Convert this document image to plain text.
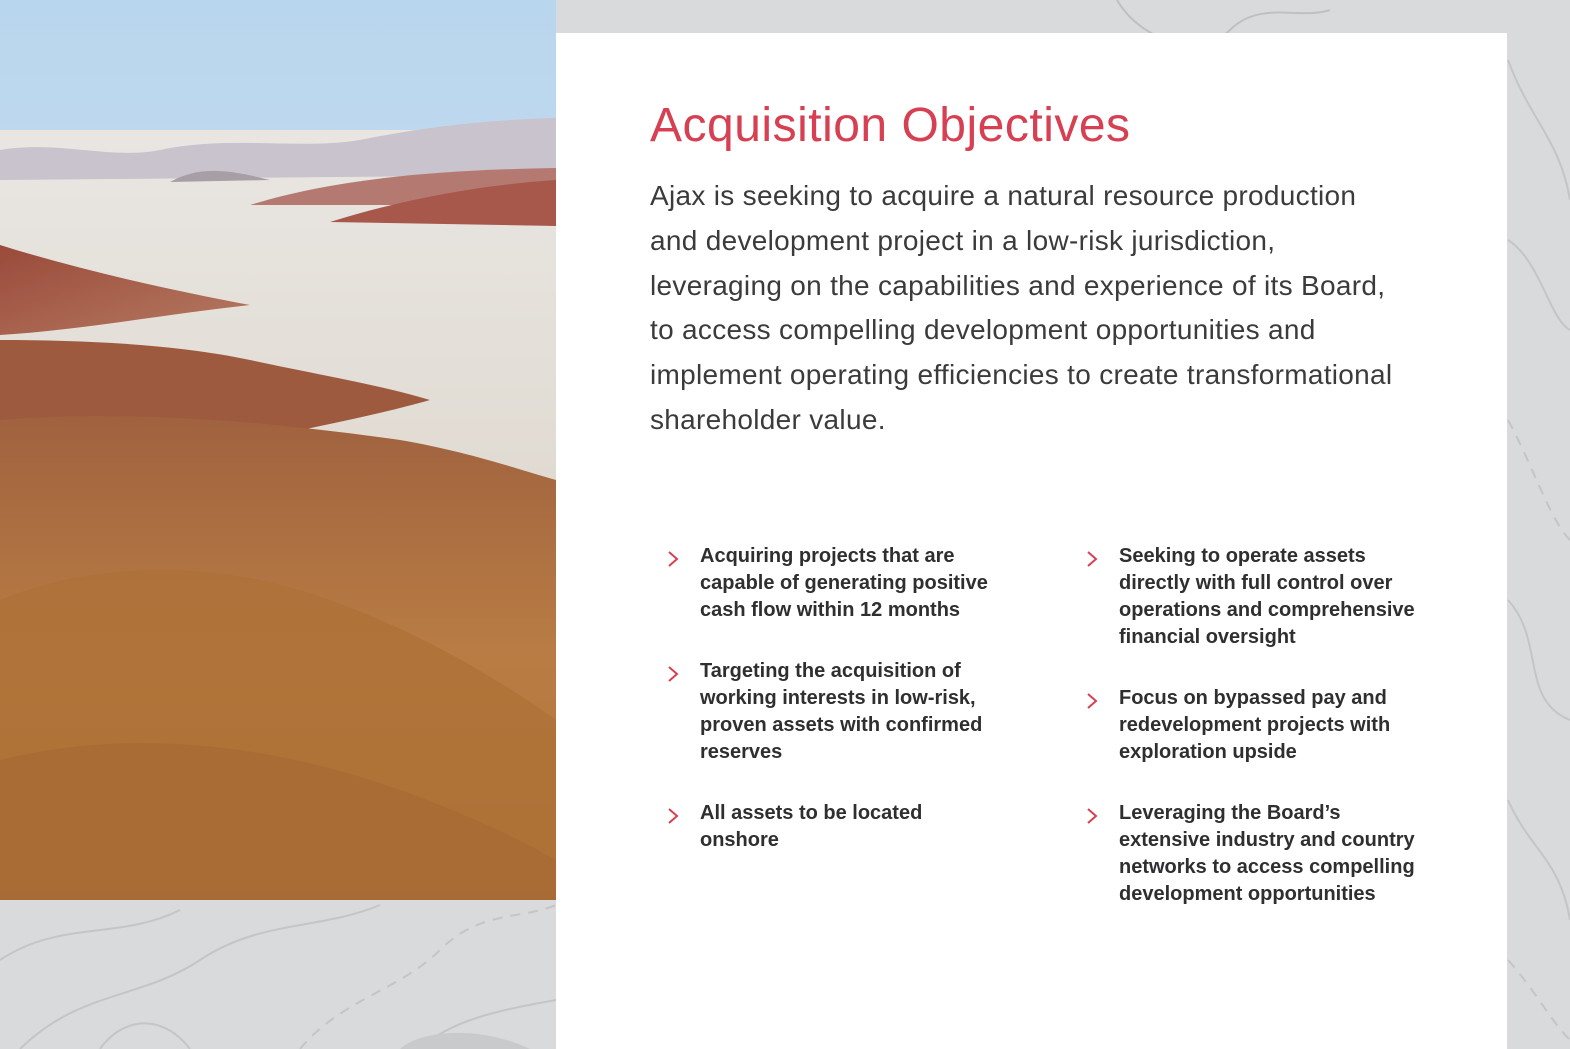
Acquisition Objectives

Ajax is seeking to acquire a natural resource production and development project in a low-risk jurisdiction, leveraging on the capabilities and experience of its Board, to access compelling development opportunities and implement operating efficiencies to create transformational shareholder value.

Acquiring projects that are capable of generating positive cash flow within 12 months
Targeting the acquisition of working interests in low-risk, proven assets with confirmed reserves
All assets to be located onshore
Seeking to operate assets directly with full control over operations and comprehensive financial oversight
Focus on bypassed pay and redevelopment projects with exploration upside
Leveraging the Board’s extensive industry and country networks to access compelling development opportunities
